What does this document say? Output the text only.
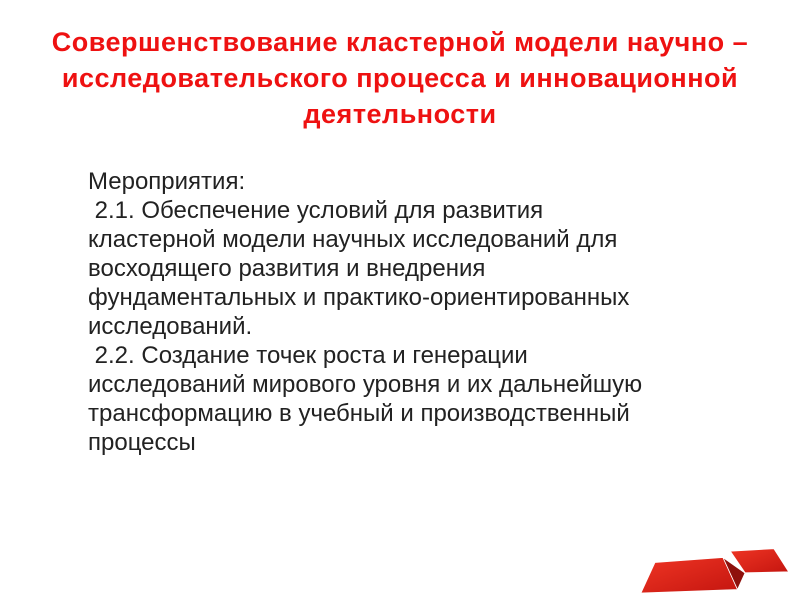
Совершенствование кластерной модели научно –
исследовательского процесса и инновационной
деятельности
Мероприятия:
2.1. Обеспечение условий для развития
кластерной модели научных исследований для
восходящего развития и внедрения
фундаментальных и практико-ориентированных
исследований.
2.2. Создание точек роста и генерации
исследований мирового уровня и их дальнейшую
трансформацию в учебный и производственный
процессы
